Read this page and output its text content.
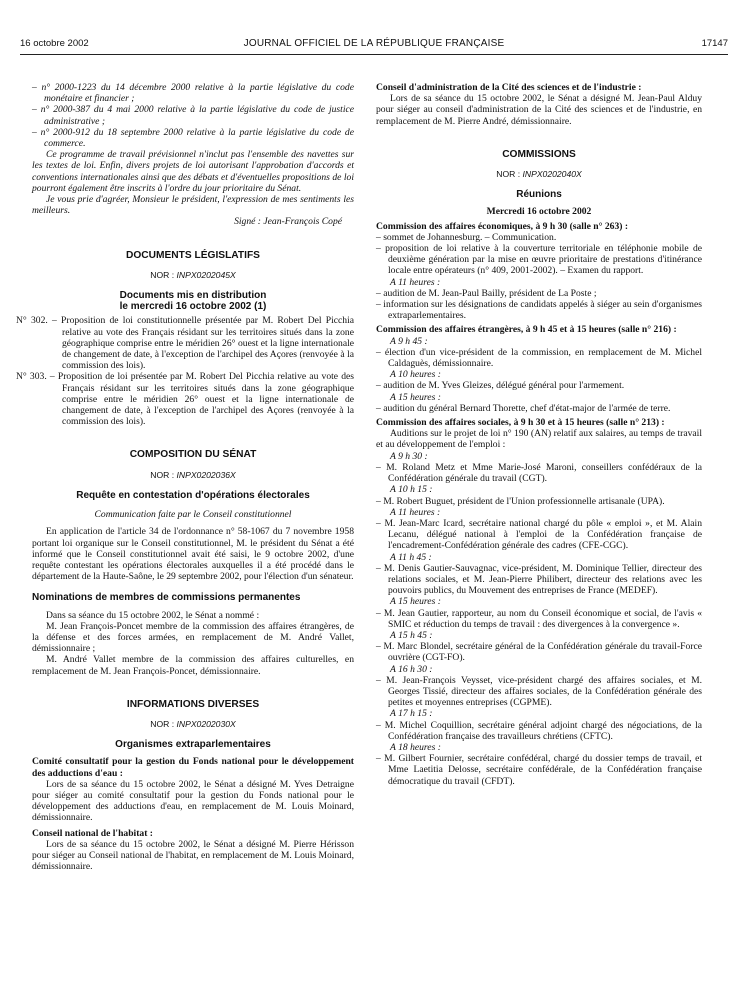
16 octobre 2002	JOURNAL OFFICIEL DE LA RÉPUBLIQUE FRANÇAISE	17147

– n° 2000-1223 du 14 décembre 2000 relative à la partie législative du code monétaire et financier ;

– n° 2000-387 du 4 mai 2000 relative à la partie législative du code de justice administrative ;

– n° 2000-912 du 18 septembre 2000 relative à la partie législative du code de commerce.

Ce programme de travail prévisionnel n'inclut pas l'ensemble des navettes sur les textes de loi. Enfin, divers projets de loi autorisant l'approbation d'accords et conventions internationales ainsi que des débats et d'éventuelles propositions de loi pourront également être inscrits à l'ordre du jour prioritaire du Sénat.

Je vous prie d'agréer, Monsieur le président, l'expression de mes sentiments les meilleurs.

Signé : Jean-François Copé

DOCUMENTS LÉGISLATIFS

NOR : INPX0202045X

Documents mis en distribution

le mercredi 16 octobre 2002 (1)

N° 302. – Proposition de loi constitutionnelle présentée par M. Robert Del Picchia relative au vote des Français résidant sur les territoires situés dans la zone géographique comprise entre le méridien 26° ouest et la ligne internationale de changement de date, à l'exception de l'archipel des Açores (renvoyée à la commission des lois).

N° 303. – Proposition de loi présentée par M. Robert Del Picchia relative au vote des Français résidant sur les territoires situés dans la zone géographique comprise entre le méridien 26° ouest et la ligne internationale de changement de date, à l'exception de l'archipel des Açores (renvoyée à la commission des lois).

COMPOSITION DU SÉNAT

NOR : INPX0202036X

Requête en contestation d'opérations électorales

Communication faite par le Conseil constitutionnel

En application de l'article 34 de l'ordonnance n° 58-1067 du 7 novembre 1958 portant loi organique sur le Conseil constitutionnel, M. le président du Sénat a été informé que le Conseil constitutionnel avait été saisi, le 9 octobre 2002, d'une requête contestant les opérations électorales auxquelles il a été procédé dans le département de la Haute-Saône, le 29 septembre 2002, pour l'élection d'un sénateur.

Nominations de membres de commissions permanentes

Dans sa séance du 15 octobre 2002, le Sénat a nommé :

M. Jean François-Poncet membre de la commission des affaires étrangères, de la défense et des forces armées, en remplacement de M. André Vallet, démissionnaire ;

M. André Vallet membre de la commission des affaires culturelles, en remplacement de M. Jean François-Poncet, démissionnaire.

INFORMATIONS DIVERSES

NOR : INPX0202030X

Organismes extraparlementaires

Comité consultatif pour la gestion du Fonds national pour le développement des adductions d'eau :

Lors de sa séance du 15 octobre 2002, le Sénat a désigné M. Yves Detraigne pour siéger au comité consultatif pour la gestion du Fonds national pour le développement des adductions d'eau, en remplacement de M. Louis Moinard, démissionnaire.

Conseil national de l'habitat :

Lors de sa séance du 15 octobre 2002, le Sénat a désigné M. Pierre Hérisson pour siéger au Conseil national de l'habitat, en remplacement de M. Louis Moinard, démissionnaire.

Conseil d'administration de la Cité des sciences et de l'industrie :

Lors de sa séance du 15 octobre 2002, le Sénat a désigné M. Jean-Paul Alduy pour siéger au conseil d'administration de la Cité des sciences et de l'industrie, en remplacement de M. Pierre André, démissionnaire.

COMMISSIONS

NOR : INPX0202040X

Réunions

Mercredi 16 octobre 2002

Commission des affaires économiques, à 9 h 30 (salle n° 263) :

– sommet de Johannesburg. – Communication.

– proposition de loi relative à la couverture territoriale en téléphonie mobile de deuxième génération par la mise en œuvre prioritaire de prestations d'itinérance locale entre opérateurs (n° 409, 2001-2002). – Examen du rapport.

A 11 heures :

– audition de M. Jean-Paul Bailly, président de La Poste ;

– information sur les désignations de candidats appelés à siéger au sein d'organismes extraparlementaires.

Commission des affaires étrangères, à 9 h 45 et à 15 heures (salle n° 216) :

A 9 h 45 :

– élection d'un vice-président de la commission, en remplacement de M. Michel Caldaguès, démissionnaire.

A 10 heures :

– audition de M. Yves Gleizes, délégué général pour l'armement.

A 15 heures :

– audition du général Bernard Thorette, chef d'état-major de l'armée de terre.

Commission des affaires sociales, à 9 h 30 et à 15 heures (salle n° 213) :

Auditions sur le projet de loi n° 190 (AN) relatif aux salaires, au temps de travail et au développement de l'emploi :

A 9 h 30 :

– M. Roland Metz et Mme Marie-José Maroni, conseillers confédéraux de la Confédération générale du travail (CGT).

A 10 h 15 :

– M. Robert Buguet, président de l'Union professionnelle artisanale (UPA).

A 11 heures :

– M. Jean-Marc Icard, secrétaire national chargé du pôle « emploi », et M. Alain Lecanu, délégué national à l'emploi de la Confédération française de l'encadrement-Confédération générale des cadres (CFE-CGC).

A 11 h 45 :

– M. Denis Gautier-Sauvagnac, vice-président, M. Dominique Tellier, directeur des relations sociales, et M. Jean-Pierre Philibert, directeur des relations avec les pouvoirs publics, du Mouvement des entreprises de France (MEDEF).

A 15 heures :

– M. Jean Gautier, rapporteur, au nom du Conseil économique et social, de l'avis « SMIC et réduction du temps de travail : des divergences à la convergence ».

A 15 h 45 :

– M. Marc Blondel, secrétaire général de la Confédération générale du travail-Force ouvrière (CGT-FO).

A 16 h 30 :

– M. Jean-François Veysset, vice-président chargé des affaires sociales, et M. Georges Tissié, directeur des affaires sociales, de la Confédération générale des petites et moyennes entreprises (CGPME).

A 17 h 15 :

– M. Michel Coquillion, secrétaire général adjoint chargé des négociations, de la Confédération française des travailleurs chrétiens (CFTC).

A 18 heures :

– M. Gilbert Fournier, secrétaire confédéral, chargé du dossier temps de travail, et Mme Laetitia Delosse, secrétaire confédérale, de la Confédération française démocratique du travail (CFDT).
